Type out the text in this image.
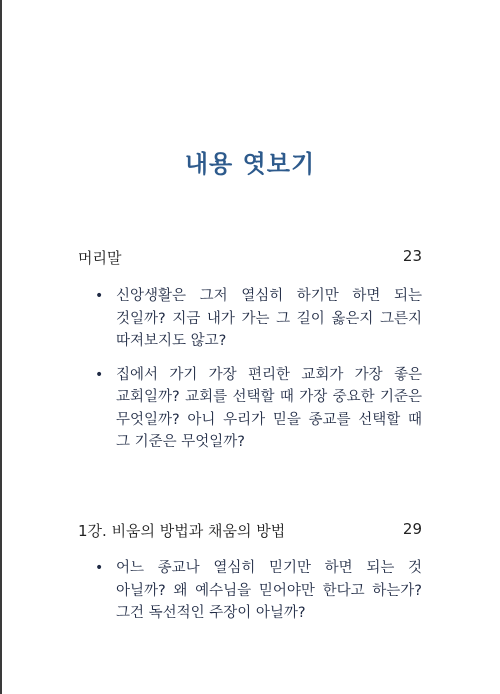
내용 엿보기
머리말	23
• 신앙생활은 그저 열심히 하기만 하면 되는 것일까? 지금 내가 가는 그 길이 옳은지 그른지 따져보지도 않고?
• 집에서 가기 가장 편리한 교회가 가장 좋은 교회일까? 교회를 선택할 때 가장 중요한 기준은 무엇일까? 아니 우리가 믿을 종교를 선택할 때 그 기준은 무엇일까?
1강. 비움의 방법과 채움의 방법	29
• 어느 종교나 열심히 믿기만 하면 되는 것 아닐까? 왜 예수님을 믿어야만 한다고 하는가? 그건 독선적인 주장이 아닐까?
